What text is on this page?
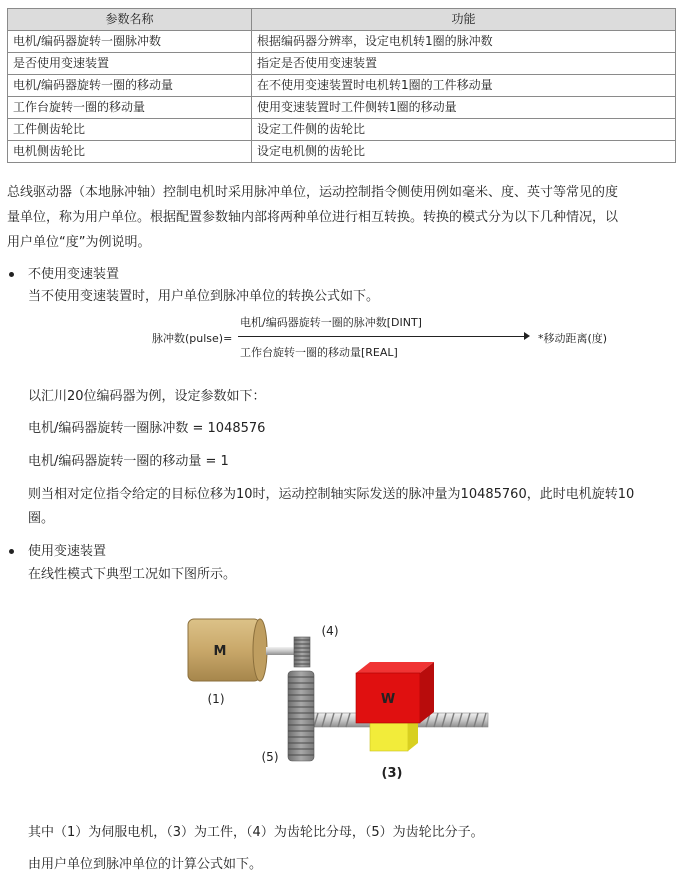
参数名称	功能
电机/编码器旋转一圈脉冲数	根据编码器分辨率，设定电机转1圈的脉冲数
是否使用变速装置	指定是否使用变速装置
电机/编码器旋转一圈的移动量	在不使用变速装置时电机转1圈的工件移动量
工作台旋转一圈的移动量	使用变速装置时工件侧转1圈的移动量
工件侧齿轮比	设定工件侧的齿轮比
电机侧齿轮比	设定电机侧的齿轮比
总线驱动器（本地脉冲轴）控制电机时采用脉冲单位，运动控制指令侧使用例如毫米、度、英寸等常见的度
量单位，称为用户单位。根据配置参数轴内部将两种单位进行相互转换。转换的模式分为以下几种情况，以
用户单位“度”为例说明。
不使用变速装置
当不使用变速装置时，用户单位到脉冲单位的转换公式如下。
脉冲数(pulse)=
电机/编码器旋转一圈的脉冲数[DINT]
工作台旋转一圈的移动量[REAL]
*移动距离(度)
以汇川20位编码器为例，设定参数如下：
电机/编码器旋转一圈脉冲数 = 1048576
电机/编码器旋转一圈的移动量 = 1
则当相对定位指令给定的目标位移为10时，运动控制轴实际发送的脉冲量为10485760，此时电机旋转10
圈。
使用变速装置
在线性模式下典型工况如下图所示。
M
W
(1)
(4)
(5)
(3)
其中（1）为伺服电机，（3）为工件，（4）为齿轮比分母，（5）为齿轮比分子。
由用户单位到脉冲单位的计算公式如下。
